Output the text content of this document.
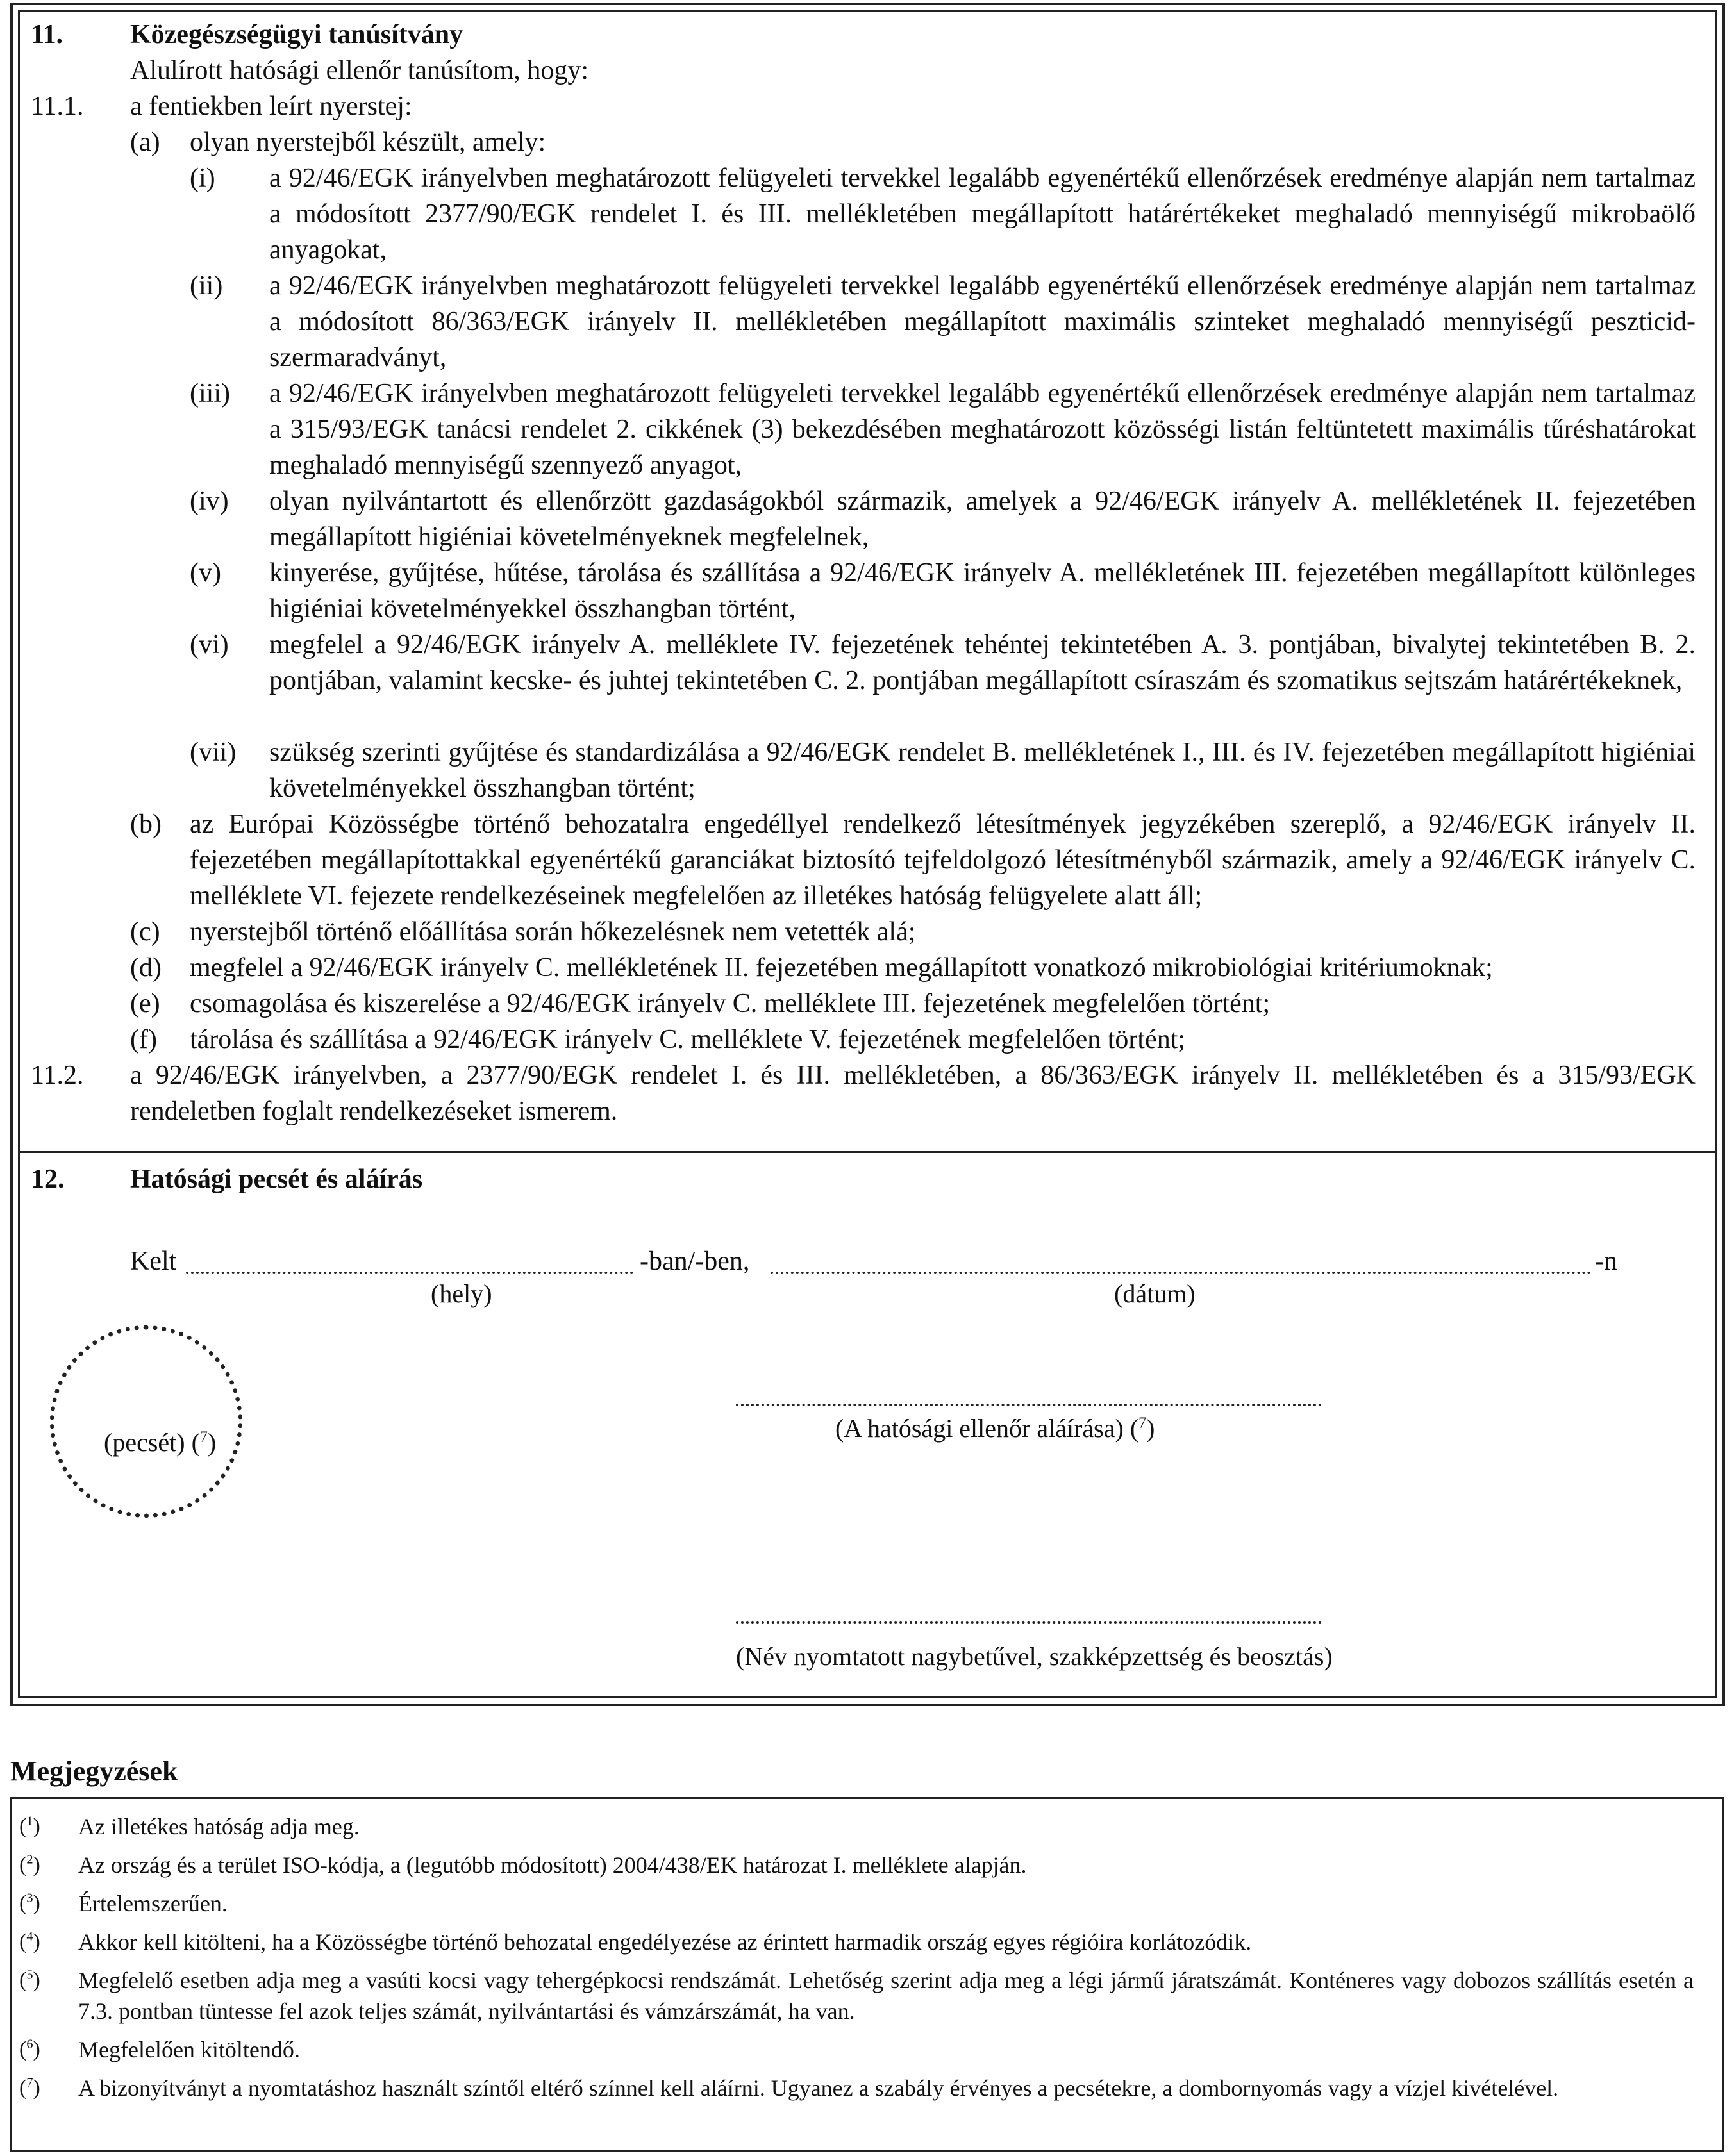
11. Közegészségügyi tanúsítvány
Alulírott hatósági ellenőr tanúsítom, hogy:
11.1. a fentiekben leírt nyerstej:
(a) olyan nyerstejből készült, amely:
(i) a 92/46/EGK irányelvben meghatározott felügyeleti tervekkel legalább egyenértékű ellenőrzések eredménye alapján nem tartalmaz a módosított 2377/90/EGK rendelet I. és III. mellékletében megállapított határértékeket meghaladó mennyiségű mikrobaölő anyagokat,
(ii) a 92/46/EGK irányelvben meghatározott felügyeleti tervekkel legalább egyenértékű ellenőrzések eredménye alapján nem tartalmaz a módosított 86/363/EGK irányelv II. mellékletében megállapított maximális szinteket meghaladó mennyiségű peszticid-szermaradványt,
(iii) a 92/46/EGK irányelvben meghatározott felügyeleti tervekkel legalább egyenértékű ellenőrzések eredménye alapján nem tartalmaz a 315/93/EGK tanácsi rendelet 2. cikkének (3) bekezdésében meghatározott közösségi listán feltüntetett maximális tűréshatárokat meghaladó mennyiségű szennyező anyagot,
(iv) olyan nyilvántartott és ellenőrzött gazdaságokból származik, amelyek a 92/46/EGK irányelv A. mellékletének II. fejezetében megállapított higiéniai követelményeknek megfelelnek,
(v) kinyerése, gyűjtése, hűtése, tárolása és szállítása a 92/46/EGK irányelv A. mellékletének III. fejezetében megállapított különleges higiéniai követelményekkel összhangban történt,
(vi) megfelel a 92/46/EGK irányelv A. melléklete IV. fejezetének tehéntej tekintetében A. 3. pontjában, bivalytej tekintetében B. 2. pontjában, valamint kecske- és juhtej tekintetében C. 2. pontjában megállapított csíraszám és szomatikus sejtszám határértékeknek,
(vii) szükség szerinti gyűjtése és standardizálása a 92/46/EGK rendelet B. mellékletének I., III. és IV. fejezetében megállapított higiéniai követelményekkel összhangban történt;
(b) az Európai Közösségbe történő behozatalra engedéllyel rendelkező létesítmények jegyzékében szereplő, a 92/46/EGK irányelv II. fejezetében megállapítottakkal egyenértékű garanciákat biztosító tejfeldolgozó létesítményből származik, amely a 92/46/EGK irányelv C. melléklete VI. fejezete rendelkezéseinek megfelelően az illetékes hatóság felügyelete alatt áll;
(c) nyerstejből történő előállítása során hőkezelésnek nem vetették alá;
(d) megfelel a 92/46/EGK irányelv C. mellékletének II. fejezetében megállapított vonatkozó mikrobiológiai kritériumoknak;
(e) csomagolása és kiszerelése a 92/46/EGK irányelv C. melléklete III. fejezetének megfelelően történt;
(f) tárolása és szállítása a 92/46/EGK irányelv C. melléklete V. fejezetének megfelelően történt;
11.2. a 92/46/EGK irányelvben, a 2377/90/EGK rendelet I. és III. mellékletében, a 86/363/EGK irányelv II. mellékletében és a 315/93/EGK rendeletben foglalt rendelkezéseket ismerem.
12. Hatósági pecsét és aláírás
Kelt	-ban/-ben,	-n
(hely)	(dátum)
(pecsét) ($^7$)	(A hatósági ellenőr aláírása) ($^7$)
(Név nyomtatott nagybetűvel, szakképzettség és beosztás)
Megjegyzések
($^1$) Az illetékes hatóság adja meg.
($^2$) Az ország és a terület ISO-kódja, a (legutóbb módosított) 2004/438/EK határozat I. melléklete alapján.
($^3$) Értelemszerűen.
($^4$) Akkor kell kitölteni, ha a Közösségbe történő behozatal engedélyezése az érintett harmadik ország egyes régióira korlátozódik.
($^5$) Megfelelő esetben adja meg a vasúti kocsi vagy tehergépkocsi rendszámát. Lehetőség szerint adja meg a légi jármű járatszámát. Konténeres vagy dobozos szállítás esetén a 7.3. pontban tüntesse fel azok teljes számát, nyilvántartási és vámzárszámát, ha van.
($^6$) Megfelelően kitöltendő.
($^7$) A bizonyítványt a nyomtatáshoz használt színtől eltérő színnel kell aláírni. Ugyanez a szabály érvényes a pecsétekre, a dombornyomás vagy a vízjel kivételével.
